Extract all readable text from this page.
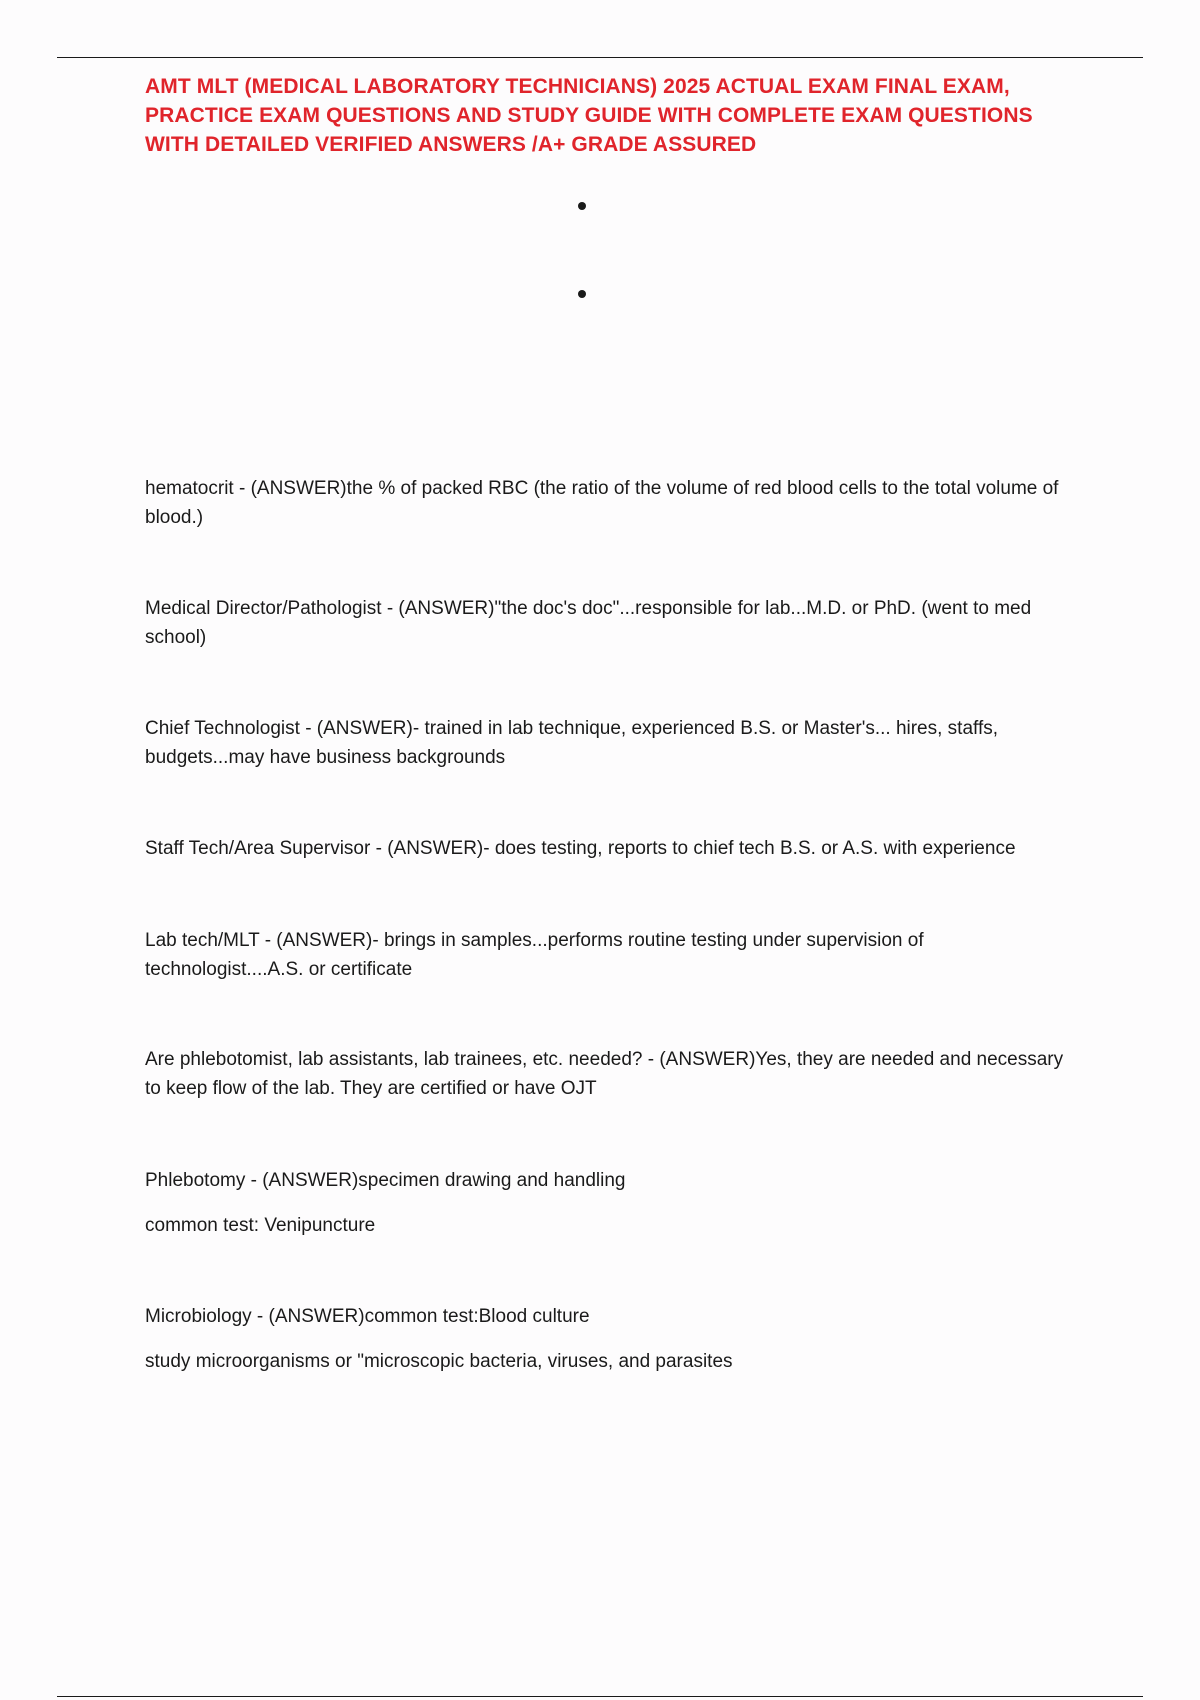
AMT MLT (MEDICAL LABORATORY TECHNICIANS) 2025 ACTUAL EXAM FINAL EXAM, PRACTICE EXAM QUESTIONS AND STUDY GUIDE WITH COMPLETE EXAM QUESTIONS WITH DETAILED VERIFIED ANSWERS /A+ GRADE ASSURED

hematocrit - (ANSWER)the % of packed RBC (the ratio of the volume of red blood cells to the total volume of blood.)

Medical Director/Pathologist - (ANSWER)"the doc's doc"...responsible for lab...M.D. or PhD. (went to med school)

Chief Technologist - (ANSWER)- trained in lab technique, experienced B.S. or Master's... hires, staffs, budgets...may have business backgrounds

Staff Tech/Area Supervisor - (ANSWER)- does testing, reports to chief tech B.S. or A.S. with experience

Lab tech/MLT - (ANSWER)- brings in samples...performs routine testing under supervision of technologist....A.S. or certificate

Are phlebotomist, lab assistants, lab trainees, etc. needed? - (ANSWER)Yes, they are needed and necessary to keep flow of the lab. They are certified or have OJT

Phlebotomy - (ANSWER)specimen drawing and handling

common test: Venipuncture

Microbiology - (ANSWER)common test:Blood culture

study microorganisms or "microscopic bacteria, viruses, and parasites
